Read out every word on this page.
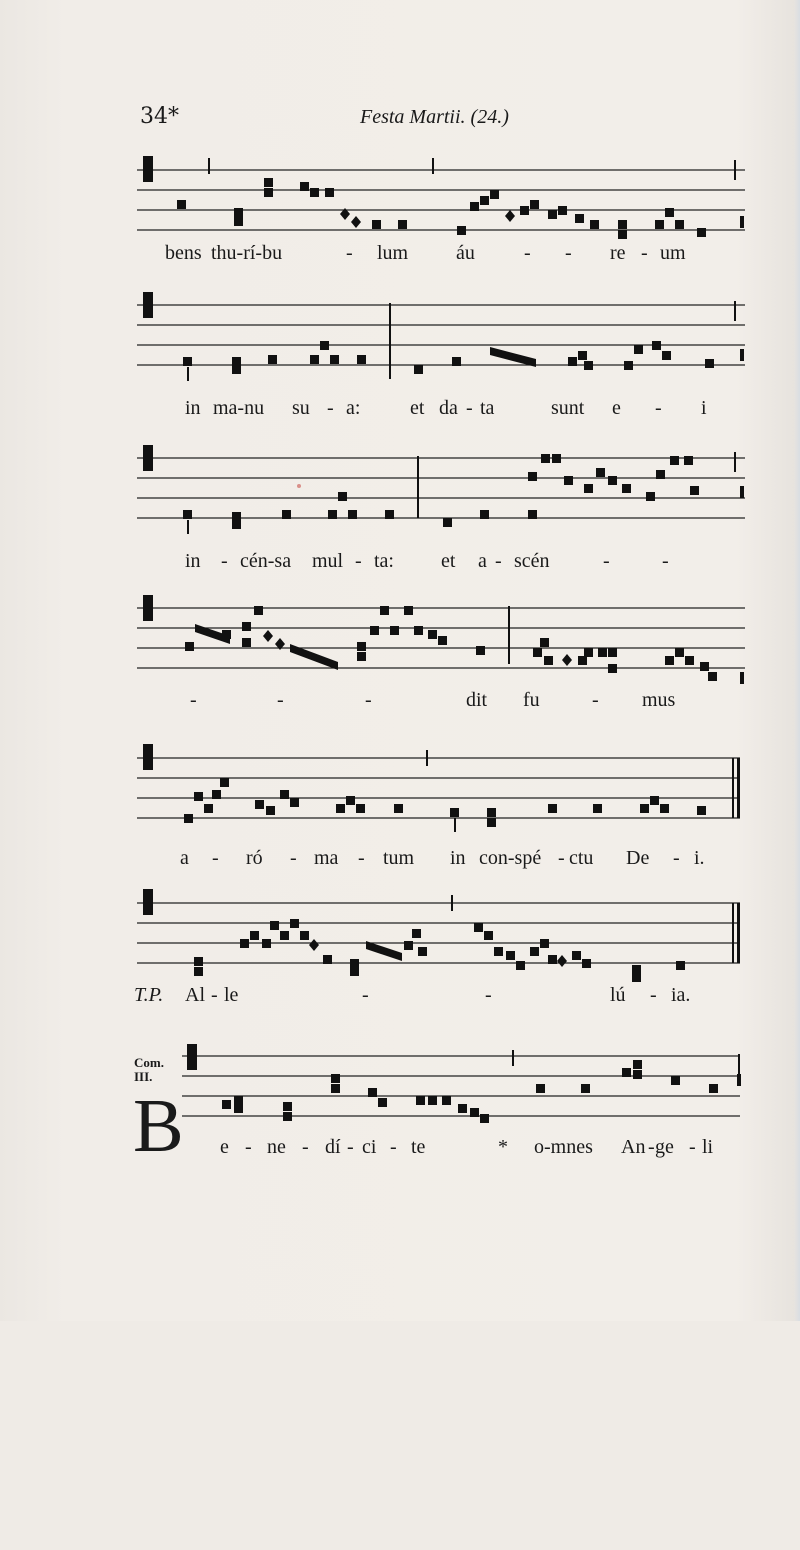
34*	Festa Martii. (24.)

bens

thu-rí-bu

	-

lum

áu

-

-

re

-

um

in

ma-nu

su

-

a:

et

da

-

ta

	sunt

e

-

i

in

-

cén-sa

mul

-

ta:

et

a

-

scén

	-

	-

-

	-

	-

	dit

fu

	-

mus

a

-

ró

-

ma

-

tum

in

con-spé

-

ctu

De

-

i.

T.P.

Al

-

le

	-

	-

	lú

-

ia.

Com.
III.

e

-

ne

-

dí

-

ci

-

te

	*

o-mnes

An

-

ge

-

li

B
